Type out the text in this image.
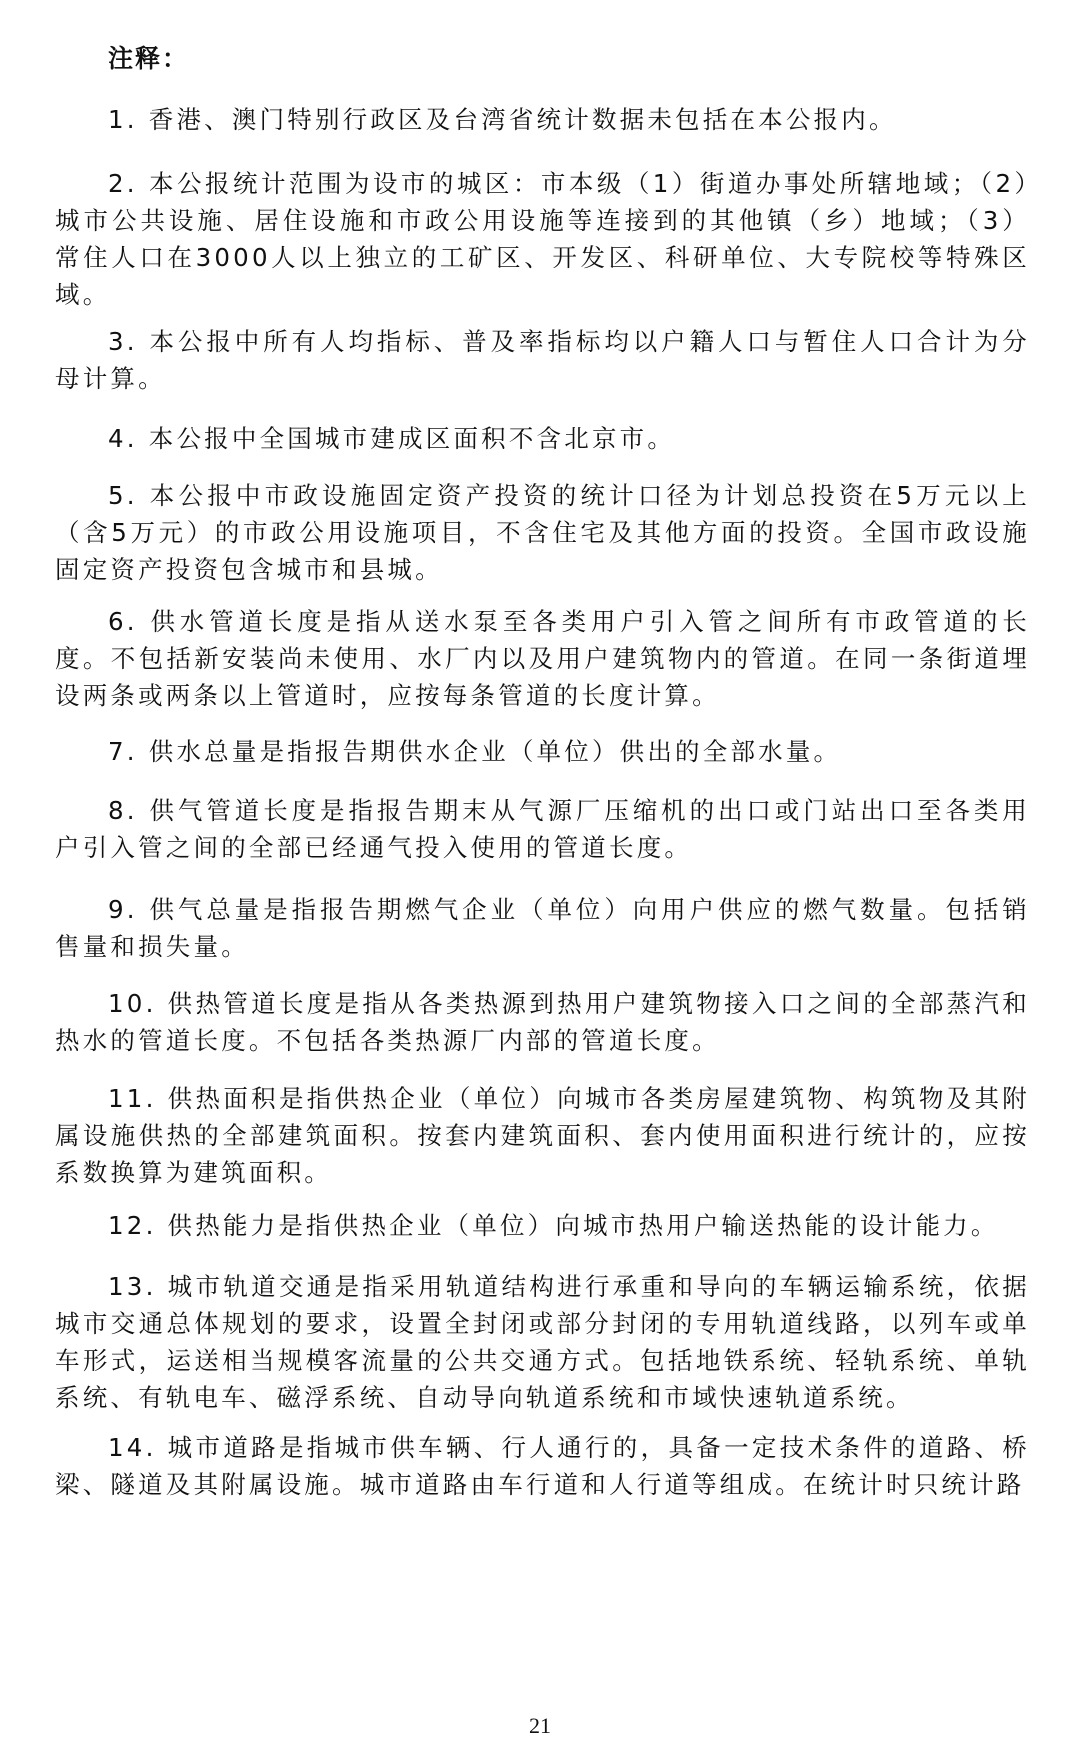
注释：

1. 香港、澳门特别行政区及台湾省统计数据未包括在本公报内。

2. 本公报统计范围为设市的城区：市本级（1）街道办事处所辖地域；（2）城市公共设施、居住设施和市政公用设施等连接到的其他镇（乡）地域；（3）常住人口在3000人以上独立的工矿区、开发区、科研单位、大专院校等特殊区域。

3. 本公报中所有人均指标、普及率指标均以户籍人口与暂住人口合计为分母计算。

4. 本公报中全国城市建成区面积不含北京市。

5. 本公报中市政设施固定资产投资的统计口径为计划总投资在5万元以上（含5万元）的市政公用设施项目，不含住宅及其他方面的投资。全国市政设施固定资产投资包含城市和县城。

6. 供水管道长度是指从送水泵至各类用户引入管之间所有市政管道的长度。不包括新安装尚未使用、水厂内以及用户建筑物内的管道。在同一条街道埋设两条或两条以上管道时，应按每条管道的长度计算。

7. 供水总量是指报告期供水企业（单位）供出的全部水量。

8. 供气管道长度是指报告期末从气源厂压缩机的出口或门站出口至各类用户引入管之间的全部已经通气投入使用的管道长度。

9. 供气总量是指报告期燃气企业（单位）向用户供应的燃气数量。包括销售量和损失量。

10. 供热管道长度是指从各类热源到热用户建筑物接入口之间的全部蒸汽和热水的管道长度。不包括各类热源厂内部的管道长度。

11. 供热面积是指供热企业（单位）向城市各类房屋建筑物、构筑物及其附属设施供热的全部建筑面积。按套内建筑面积、套内使用面积进行统计的，应按系数换算为建筑面积。

12. 供热能力是指供热企业（单位）向城市热用户输送热能的设计能力。

13. 城市轨道交通是指采用轨道结构进行承重和导向的车辆运输系统，依据城市交通总体规划的要求，设置全封闭或部分封闭的专用轨道线路，以列车或单车形式，运送相当规模客流量的公共交通方式。包括地铁系统、轻轨系统、单轨系统、有轨电车、磁浮系统、自动导向轨道系统和市域快速轨道系统。

14. 城市道路是指城市供车辆、行人通行的，具备一定技术条件的道路、桥梁、隧道及其附属设施。城市道路由车行道和人行道等组成。在统计时只统计路

21
